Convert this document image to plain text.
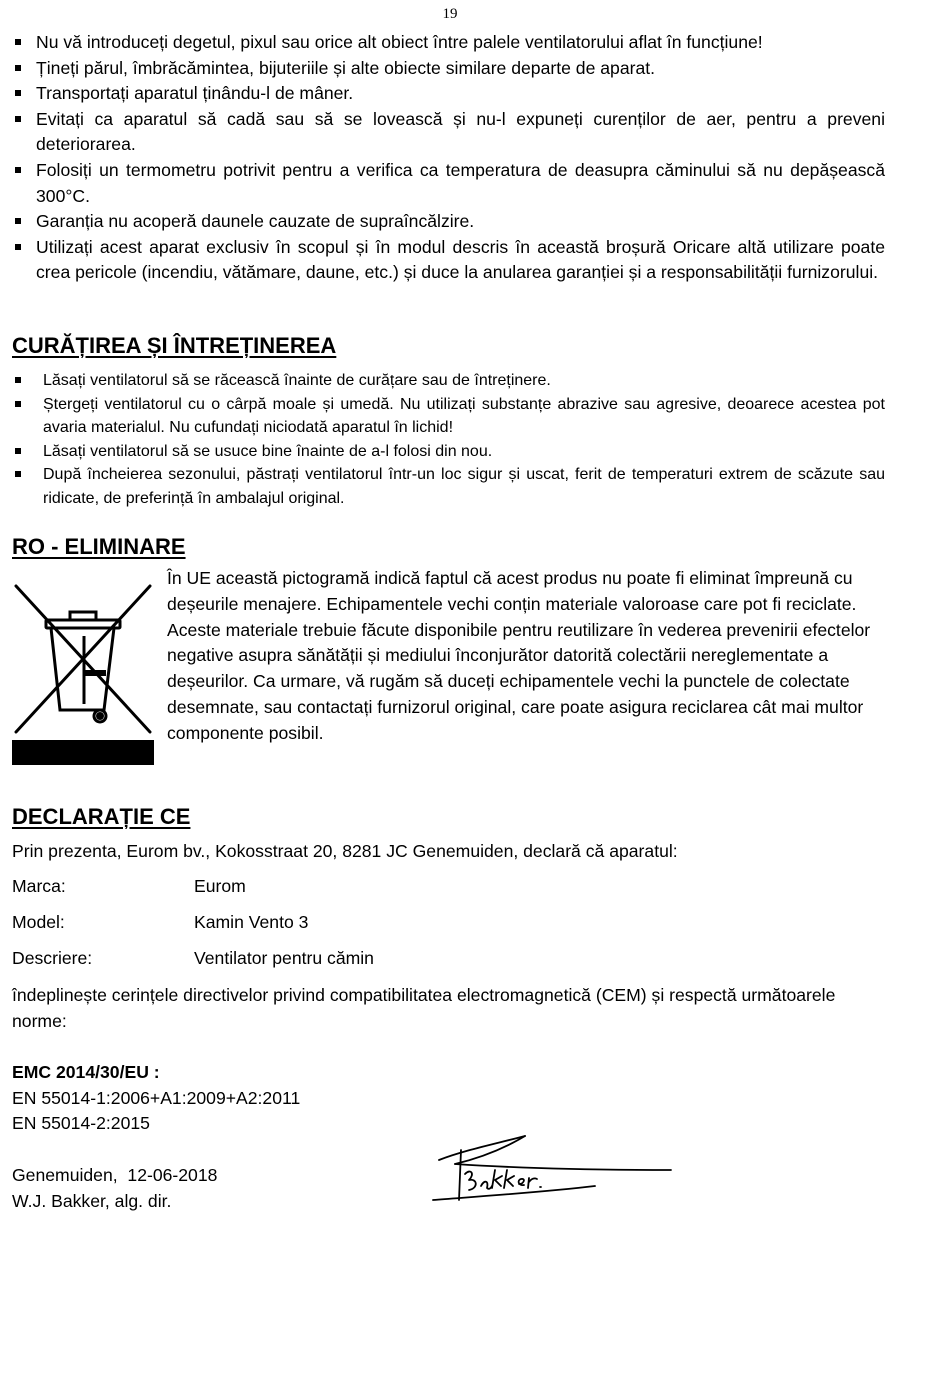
19
Nu vă introduceți degetul, pixul sau orice alt obiect între palele ventilatorului aflat în funcțiune!
Țineți părul, îmbrăcămintea, bijuteriile și alte obiecte similare departe de aparat.
Transportați aparatul ținându-l de mâner.
Evitați ca aparatul să cadă sau să se lovească și nu-l expuneți curenților de aer, pentru a preveni deteriorarea.
Folosiți un termometru potrivit pentru a verifica ca temperatura de deasupra căminului să nu depășească 300°C.
Garanția nu acoperă daunele cauzate de supraîncălzire.
Utilizați acest aparat exclusiv în scopul și în modul descris în această broșură Oricare altă utilizare poate crea pericole (incendiu, vătămare, daune, etc.) și duce la anularea garanției și a responsabilității furnizorului.
CURĂȚIREA ȘI ÎNTREȚINEREA
Lăsați ventilatorul să se răcească înainte de curățare sau de întreținere.
Ștergeți ventilatorul cu o cârpă moale și umedă. Nu utilizați substanțe abrazive sau agresive, deoarece acestea pot avaria materialul. Nu cufundați niciodată aparatul în lichid!
Lăsați ventilatorul să se usuce bine înainte de a-l folosi din nou.
După încheierea sezonului, păstrați ventilatorul într-un loc sigur și uscat, ferit de temperaturi extrem de scăzute sau ridicate, de preferință în ambalajul original.
RO - ELIMINARE
În UE această pictogramă indică faptul că acest produs nu poate fi eliminat împreună cu deșeurile menajere. Echipamentele vechi conțin materiale valoroase care pot fi reciclate. Aceste materiale trebuie făcute disponibile pentru reutilizare în vederea prevenirii efectelor negative asupra sănătății și mediului înconjurător datorită colectării nereglementate a deșeurilor. Ca urmare, vă rugăm să duceți echipamentele vechi la punctele de colectate desemnate, sau contactați furnizorul original, care poate asigura reciclarea cât mai multor componente posibil.
DECLARAȚIE CE
Prin prezenta, Eurom bv., Kokosstraat 20, 8281 JC Genemuiden, declară că aparatul:
Marca:	Eurom
Model:	Kamin Vento 3
Descriere:	Ventilator pentru cămin
îndeplinește cerințele directivelor privind compatibilitatea electromagnetică (CEM) și respectă următoarele norme:
EMC 2014/30/EU :
EN 55014-1:2006+A1:2009+A2:2011
EN 55014-2:2015
Genemuiden,  12-06-2018
W.J. Bakker, alg. dir.
